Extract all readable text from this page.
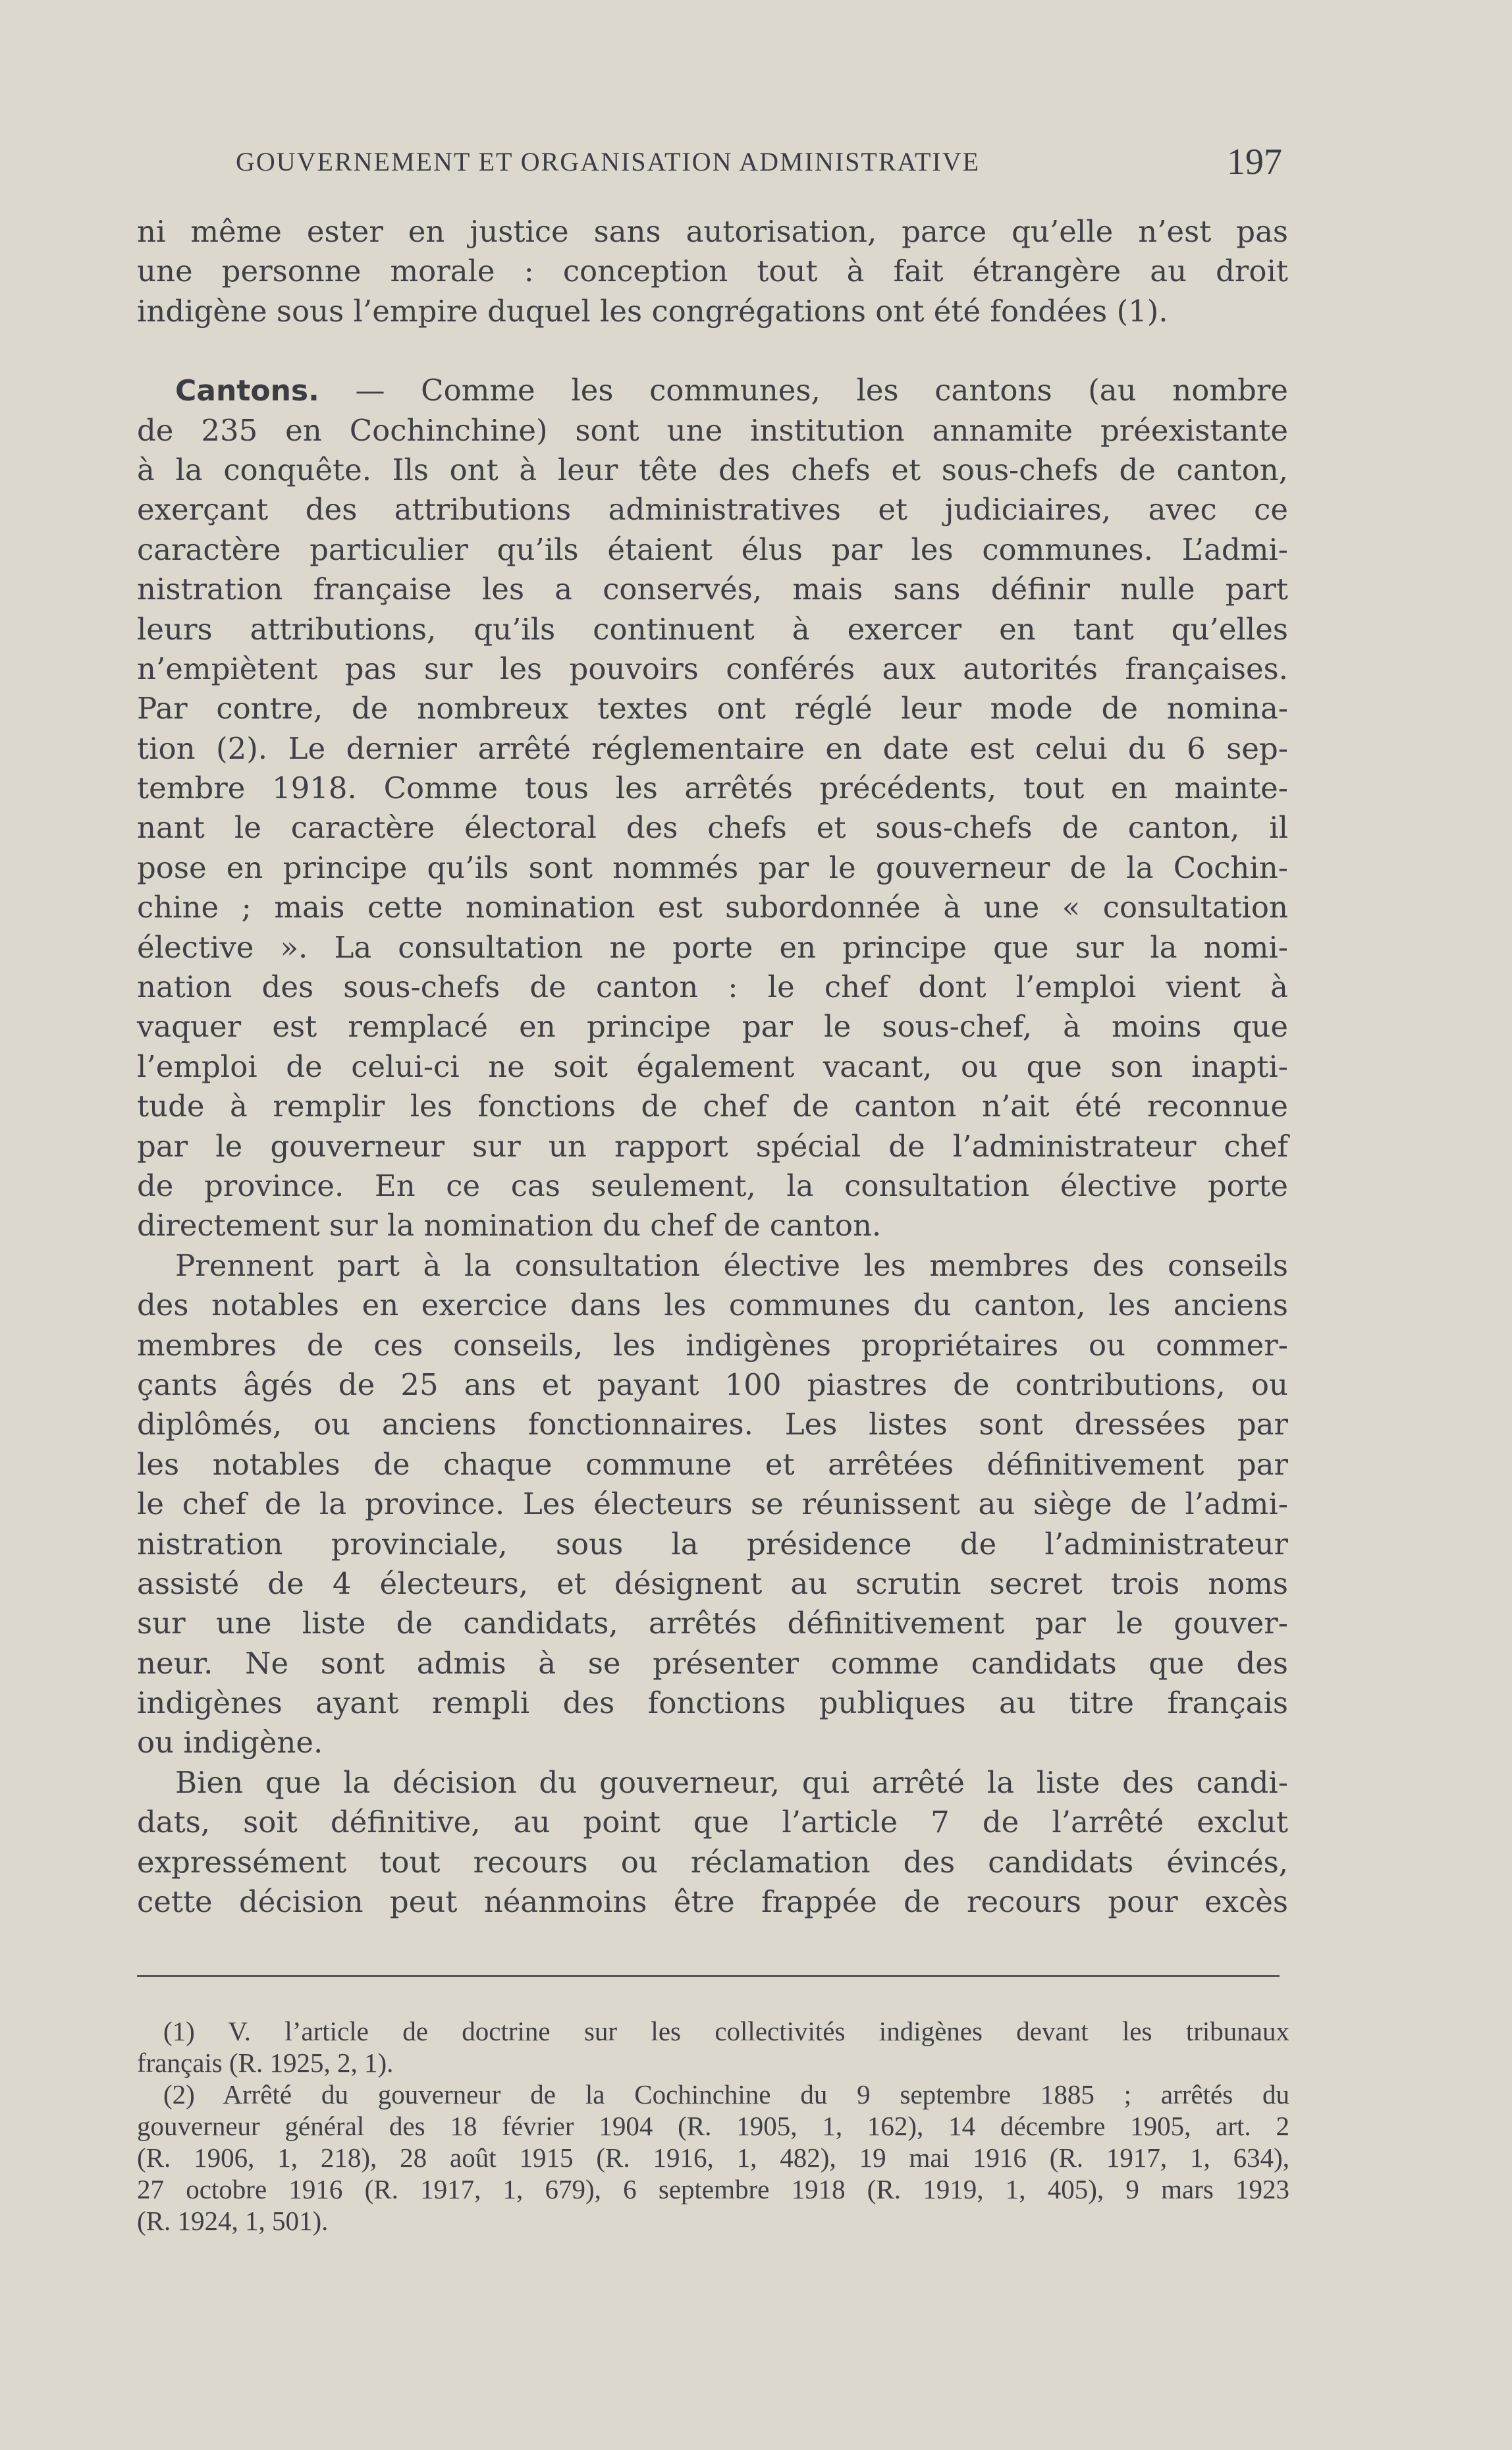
GOUVERNEMENT ET ORGANISATION ADMINISTRATIVE	197
ni même ester en justice sans autorisation, parce qu’elle n’est pas
une personne morale : conception tout à fait étrangère au droit
indigène sous l’empire duquel les congrégations ont été fondées (1).
Cantons. — Comme les communes, les cantons (au nombre
de 235 en Cochinchine) sont une institution annamite préexistante
à la conquête. Ils ont à leur tête des chefs et sous-chefs de canton,
exerçant des attributions administratives et judiciaires, avec ce
caractère particulier qu’ils étaient élus par les communes. L’admi-
nistration française les a conservés, mais sans définir nulle part
leurs attributions, qu’ils continuent à exercer en tant qu’elles
n’empiètent pas sur les pouvoirs conférés aux autorités françaises.
Par contre, de nombreux textes ont réglé leur mode de nomina-
tion (2). Le dernier arrêté réglementaire en date est celui du 6 sep-
tembre 1918. Comme tous les arrêtés précédents, tout en mainte-
nant le caractère électoral des chefs et sous-chefs de canton, il
pose en principe qu’ils sont nommés par le gouverneur de la Cochin-
chine ; mais cette nomination est subordonnée à une « consultation
élective ». La consultation ne porte en principe que sur la nomi-
nation des sous-chefs de canton : le chef dont l’emploi vient à
vaquer est remplacé en principe par le sous-chef, à moins que
l’emploi de celui-ci ne soit également vacant, ou que son inapti-
tude à remplir les fonctions de chef de canton n’ait été reconnue
par le gouverneur sur un rapport spécial de l’administrateur chef
de province. En ce cas seulement, la consultation élective porte
directement sur la nomination du chef de canton.
Prennent part à la consultation élective les membres des conseils
des notables en exercice dans les communes du canton, les anciens
membres de ces conseils, les indigènes propriétaires ou commer-
çants âgés de 25 ans et payant 100 piastres de contributions, ou
diplômés, ou anciens fonctionnaires. Les listes sont dressées par
les notables de chaque commune et arrêtées définitivement par
le chef de la province. Les électeurs se réunissent au siège de l’admi-
nistration provinciale, sous la présidence de l’administrateur
assisté de 4 électeurs, et désignent au scrutin secret trois noms
sur une liste de candidats, arrêtés définitivement par le gouver-
neur. Ne sont admis à se présenter comme candidats que des
indigènes ayant rempli des fonctions publiques au titre français
ou indigène.
Bien que la décision du gouverneur, qui arrêté la liste des candi-
dats, soit définitive, au point que l’article 7 de l’arrêté exclut
expressément tout recours ou réclamation des candidats évincés,
cette décision peut néanmoins être frappée de recours pour excès
(1) V. l’article de doctrine sur les collectivités indigènes devant les tribunaux
français (R. 1925, 2, 1).
(2) Arrêté du gouverneur de la Cochinchine du 9 septembre 1885 ; arrêtés du
gouverneur général des 18 février 1904 (R. 1905, 1, 162), 14 décembre 1905, art. 2
(R. 1906, 1, 218), 28 août 1915 (R. 1916, 1, 482), 19 mai 1916 (R. 1917, 1, 634),
27 octobre 1916 (R. 1917, 1, 679), 6 septembre 1918 (R. 1919, 1, 405), 9 mars 1923
(R. 1924, 1, 501).
